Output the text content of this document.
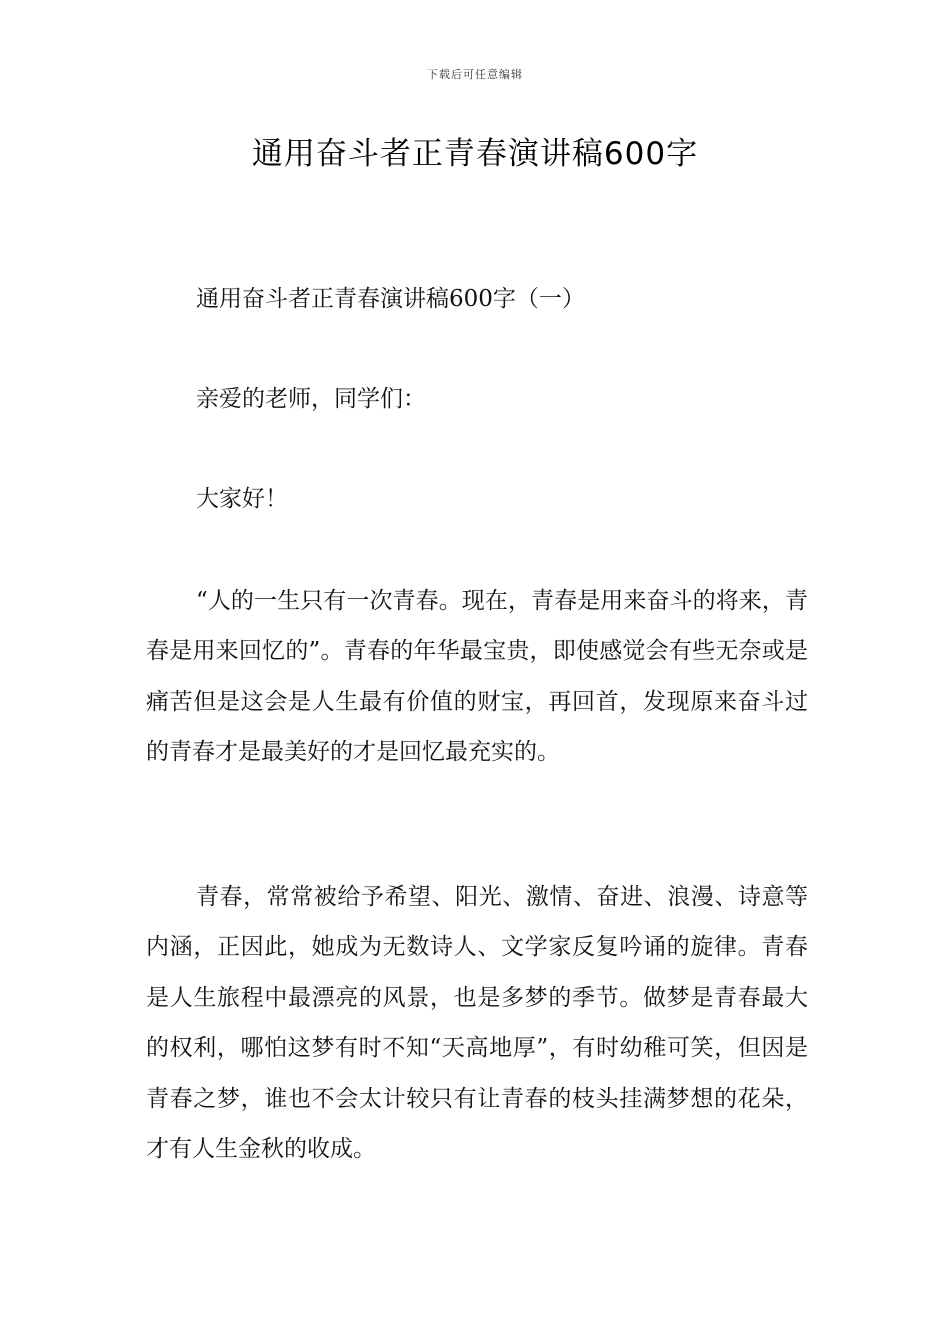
下载后可任意编辑
通用奋斗者正青春演讲稿600字
通用奋斗者正青春演讲稿600字（一）
亲爱的老师，同学们：
大家好！
“人的一生只有一次青春。现在，青春是用来奋斗的将来，青春是用来回忆的”。青春的年华最宝贵，即使感觉会有些无奈或是痛苦但是这会是人生最有价值的财宝，再回首，发现原来奋斗过的青春才是最美好的才是回忆最充实的。
青春，常常被给予希望、阳光、激情、奋进、浪漫、诗意等内涵，正因此，她成为无数诗人、文学家反复吟诵的旋律。青春是人生旅程中最漂亮的风景，也是多梦的季节。做梦是青春最大的权利，哪怕这梦有时不知“天高地厚”，有时幼稚可笑，但因是青春之梦，谁也不会太计较只有让青春的枝头挂满梦想的花朵，才有人生金秋的收成。
